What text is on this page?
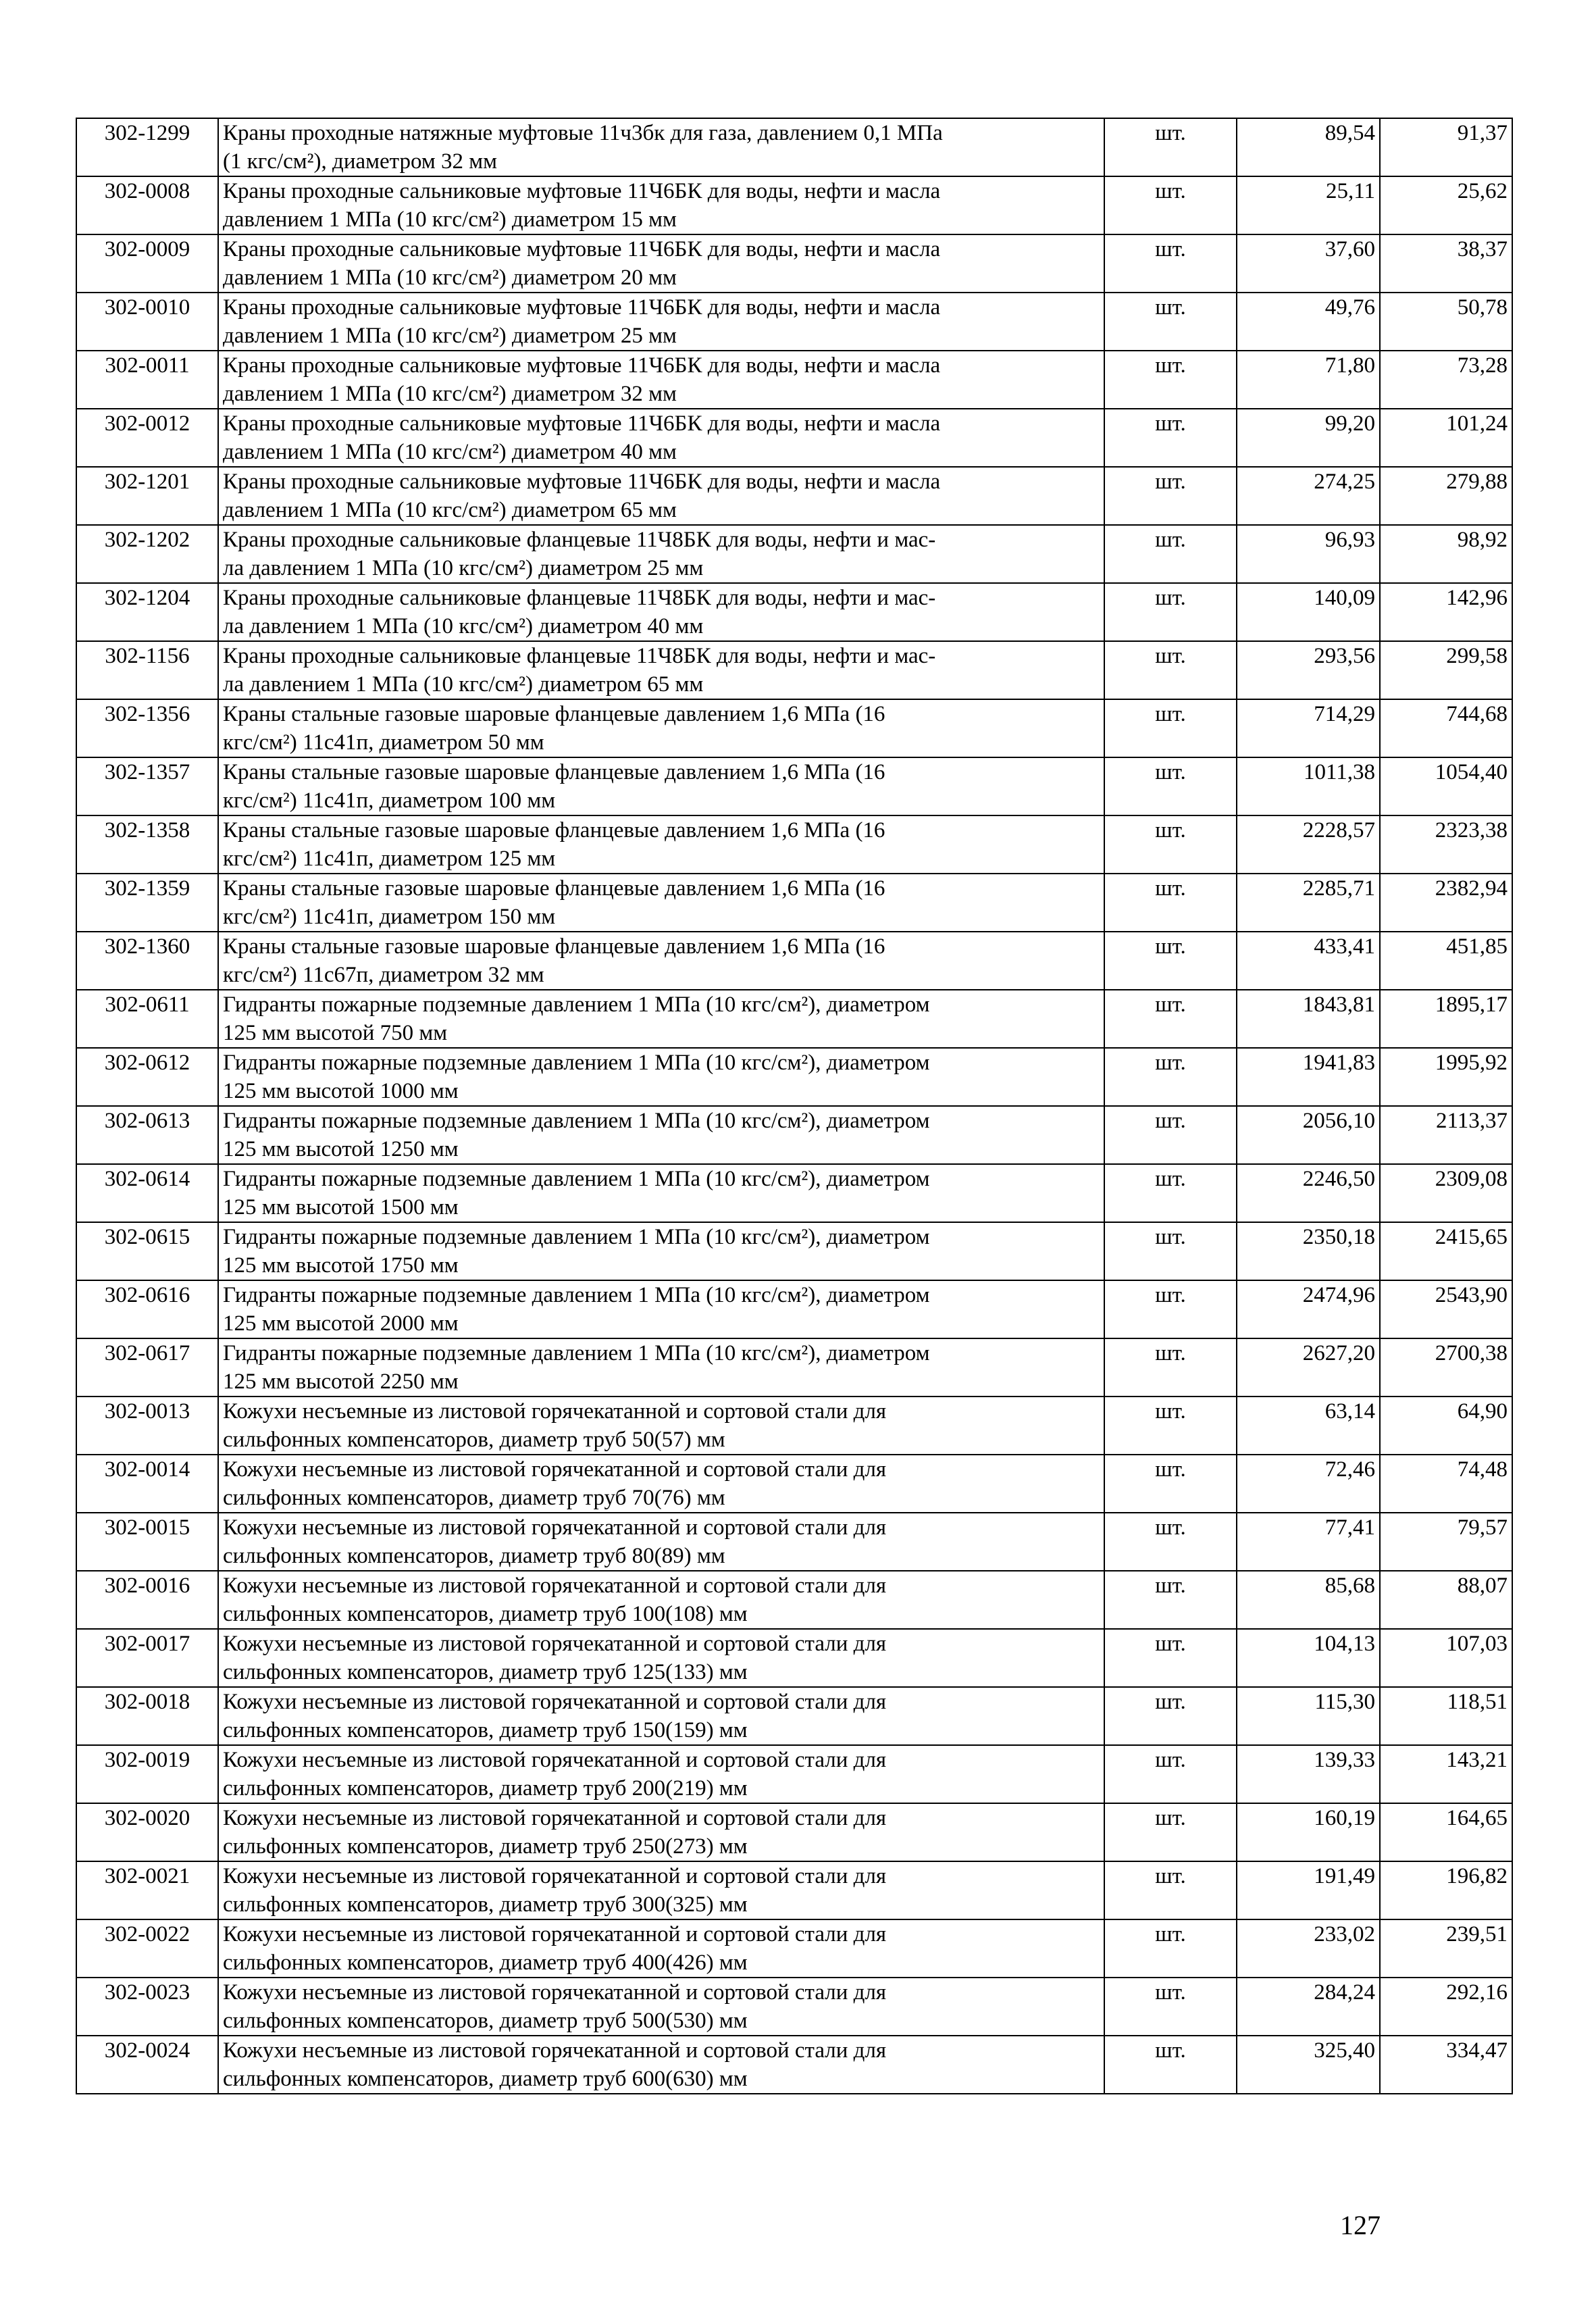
302-1299	Краны проходные натяжные муфтовые 11ч3бк для газа, давлением 0,1 МПа
(1 кгс/см²), диаметром 32 мм	шт.	89,54	91,37
302-0008	Краны проходные сальниковые муфтовые 11Ч6БК для воды, нефти и масла
давлением 1 МПа (10 кгс/см²) диаметром 15 мм	шт.	25,11	25,62
302-0009	Краны проходные сальниковые муфтовые 11Ч6БК для воды, нефти и масла
давлением 1 МПа (10 кгс/см²) диаметром 20 мм	шт.	37,60	38,37
302-0010	Краны проходные сальниковые муфтовые 11Ч6БК для воды, нефти и масла
давлением 1 МПа (10 кгс/см²) диаметром 25 мм	шт.	49,76	50,78
302-0011	Краны проходные сальниковые муфтовые 11Ч6БК для воды, нефти и масла
давлением 1 МПа (10 кгс/см²) диаметром 32 мм	шт.	71,80	73,28
302-0012	Краны проходные сальниковые муфтовые 11Ч6БК для воды, нефти и масла
давлением 1 МПа (10 кгс/см²) диаметром 40 мм	шт.	99,20	101,24
302-1201	Краны проходные сальниковые муфтовые 11Ч6БК для воды, нефти и масла
давлением 1 МПа (10 кгс/см²) диаметром 65 мм	шт.	274,25	279,88
302-1202	Краны проходные сальниковые фланцевые 11Ч8БК для воды, нефти и мас-
ла давлением 1 МПа (10 кгс/см²) диаметром 25 мм	шт.	96,93	98,92
302-1204	Краны проходные сальниковые фланцевые 11Ч8БК для воды, нефти и мас-
ла давлением 1 МПа (10 кгс/см²) диаметром 40 мм	шт.	140,09	142,96
302-1156	Краны проходные сальниковые фланцевые 11Ч8БК для воды, нефти и мас-
ла давлением 1 МПа (10 кгс/см²) диаметром 65 мм	шт.	293,56	299,58
302-1356	Краны стальные газовые шаровые фланцевые давлением 1,6 МПа (16
кгс/см²) 11с41п, диаметром 50 мм	шт.	714,29	744,68
302-1357	Краны стальные газовые шаровые фланцевые давлением 1,6 МПа (16
кгс/см²) 11с41п, диаметром 100 мм	шт.	1011,38	1054,40
302-1358	Краны стальные газовые шаровые фланцевые давлением 1,6 МПа (16
кгс/см²) 11с41п, диаметром 125 мм	шт.	2228,57	2323,38
302-1359	Краны стальные газовые шаровые фланцевые давлением 1,6 МПа (16
кгс/см²) 11с41п, диаметром 150 мм	шт.	2285,71	2382,94
302-1360	Краны стальные газовые шаровые фланцевые давлением 1,6 МПа (16
кгс/см²) 11с67п, диаметром 32 мм	шт.	433,41	451,85
302-0611	Гидранты пожарные подземные давлением 1 МПа (10 кгс/см²), диаметром
125 мм высотой 750 мм	шт.	1843,81	1895,17
302-0612	Гидранты пожарные подземные давлением 1 МПа (10 кгс/см²), диаметром
125 мм высотой 1000 мм	шт.	1941,83	1995,92
302-0613	Гидранты пожарные подземные давлением 1 МПа (10 кгс/см²), диаметром
125 мм высотой 1250 мм	шт.	2056,10	2113,37
302-0614	Гидранты пожарные подземные давлением 1 МПа (10 кгс/см²), диаметром
125 мм высотой 1500 мм	шт.	2246,50	2309,08
302-0615	Гидранты пожарные подземные давлением 1 МПа (10 кгс/см²), диаметром
125 мм высотой 1750 мм	шт.	2350,18	2415,65
302-0616	Гидранты пожарные подземные давлением 1 МПа (10 кгс/см²), диаметром
125 мм высотой 2000 мм	шт.	2474,96	2543,90
302-0617	Гидранты пожарные подземные давлением 1 МПа (10 кгс/см²), диаметром
125 мм высотой 2250 мм	шт.	2627,20	2700,38
302-0013	Кожухи несъемные из листовой горячекатанной и сортовой стали для
сильфонных компенсаторов, диаметр труб 50(57) мм	шт.	63,14	64,90
302-0014	Кожухи несъемные из листовой горячекатанной и сортовой стали для
сильфонных компенсаторов, диаметр труб 70(76) мм	шт.	72,46	74,48
302-0015	Кожухи несъемные из листовой горячекатанной и сортовой стали для
сильфонных компенсаторов, диаметр труб 80(89) мм	шт.	77,41	79,57
302-0016	Кожухи несъемные из листовой горячекатанной и сортовой стали для
сильфонных компенсаторов, диаметр труб 100(108) мм	шт.	85,68	88,07
302-0017	Кожухи несъемные из листовой горячекатанной и сортовой стали для
сильфонных компенсаторов, диаметр труб 125(133) мм	шт.	104,13	107,03
302-0018	Кожухи несъемные из листовой горячекатанной и сортовой стали для
сильфонных компенсаторов, диаметр труб 150(159) мм	шт.	115,30	118,51
302-0019	Кожухи несъемные из листовой горячекатанной и сортовой стали для
сильфонных компенсаторов, диаметр труб 200(219) мм	шт.	139,33	143,21
302-0020	Кожухи несъемные из листовой горячекатанной и сортовой стали для
сильфонных компенсаторов, диаметр труб 250(273) мм	шт.	160,19	164,65
302-0021	Кожухи несъемные из листовой горячекатанной и сортовой стали для
сильфонных компенсаторов, диаметр труб 300(325) мм	шт.	191,49	196,82
302-0022	Кожухи несъемные из листовой горячекатанной и сортовой стали для
сильфонных компенсаторов, диаметр труб 400(426) мм	шт.	233,02	239,51
302-0023	Кожухи несъемные из листовой горячекатанной и сортовой стали для
сильфонных компенсаторов, диаметр труб 500(530) мм	шт.	284,24	292,16
302-0024	Кожухи несъемные из листовой горячекатанной и сортовой стали для
сильфонных компенсаторов, диаметр труб 600(630) мм	шт.	325,40	334,47
127
